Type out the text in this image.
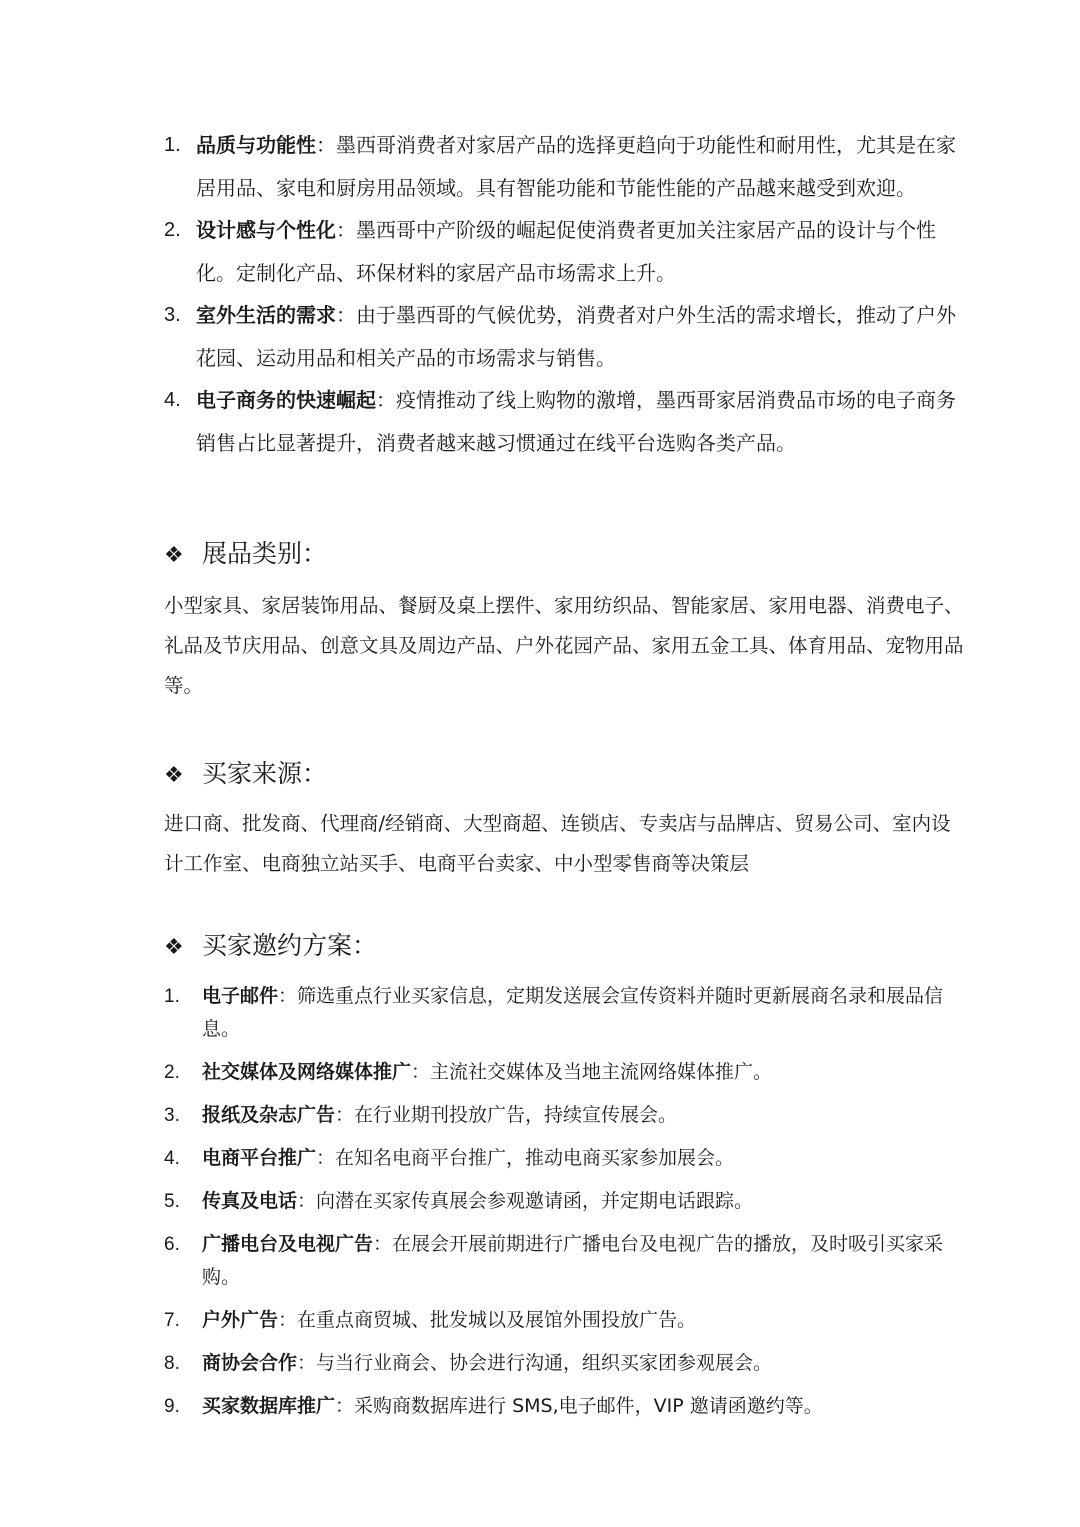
1. 品质与功能性：墨西哥消费者对家居产品的选择更趋向于功能性和耐用性，尤其是在家居用品、家电和厨房用品领域。具有智能功能和节能性能的产品越来越受到欢迎。
2. 设计感与个性化：墨西哥中产阶级的崛起促使消费者更加关注家居产品的设计与个性化。定制化产品、环保材料的家居产品市场需求上升。
3. 室外生活的需求：由于墨西哥的气候优势，消费者对户外生活的需求增长，推动了户外花园、运动用品和相关产品的市场需求与销售。
4. 电子商务的快速崛起：疫情推动了线上购物的激增，墨西哥家居消费品市场的电子商务销售占比显著提升，消费者越来越习惯通过在线平台选购各类产品。
❖ 展品类别：
小型家具、家居装饰用品、餐厨及桌上摆件、家用纺织品、智能家居、家用电器、消费电子、礼品及节庆用品、创意文具及周边产品、户外花园产品、家用五金工具、体育用品、宠物用品等。
❖ 买家来源：
进口商、批发商、代理商/经销商、大型商超、连锁店、专卖店与品牌店、贸易公司、室内设计工作室、电商独立站买手、电商平台卖家、中小型零售商等决策层
❖ 买家邀约方案：
1. 电子邮件：筛选重点行业买家信息，定期发送展会宣传资料并随时更新展商名录和展品信息。
2. 社交媒体及网络媒体推广：主流社交媒体及当地主流网络媒体推广。
3. 报纸及杂志广告：在行业期刊投放广告，持续宣传展会。
4. 电商平台推广：在知名电商平台推广，推动电商买家参加展会。
5. 传真及电话：向潜在买家传真展会参观邀请函，并定期电话跟踪。
6. 广播电台及电视广告：在展会开展前期进行广播电台及电视广告的播放，及时吸引买家采购。
7. 户外广告：在重点商贸城、批发城以及展馆外围投放广告。
8. 商协会合作：与当行业商会、协会进行沟通，组织买家团参观展会。
9. 买家数据库推广：采购商数据库进行 SMS,电子邮件，VIP 邀请函邀约等。
